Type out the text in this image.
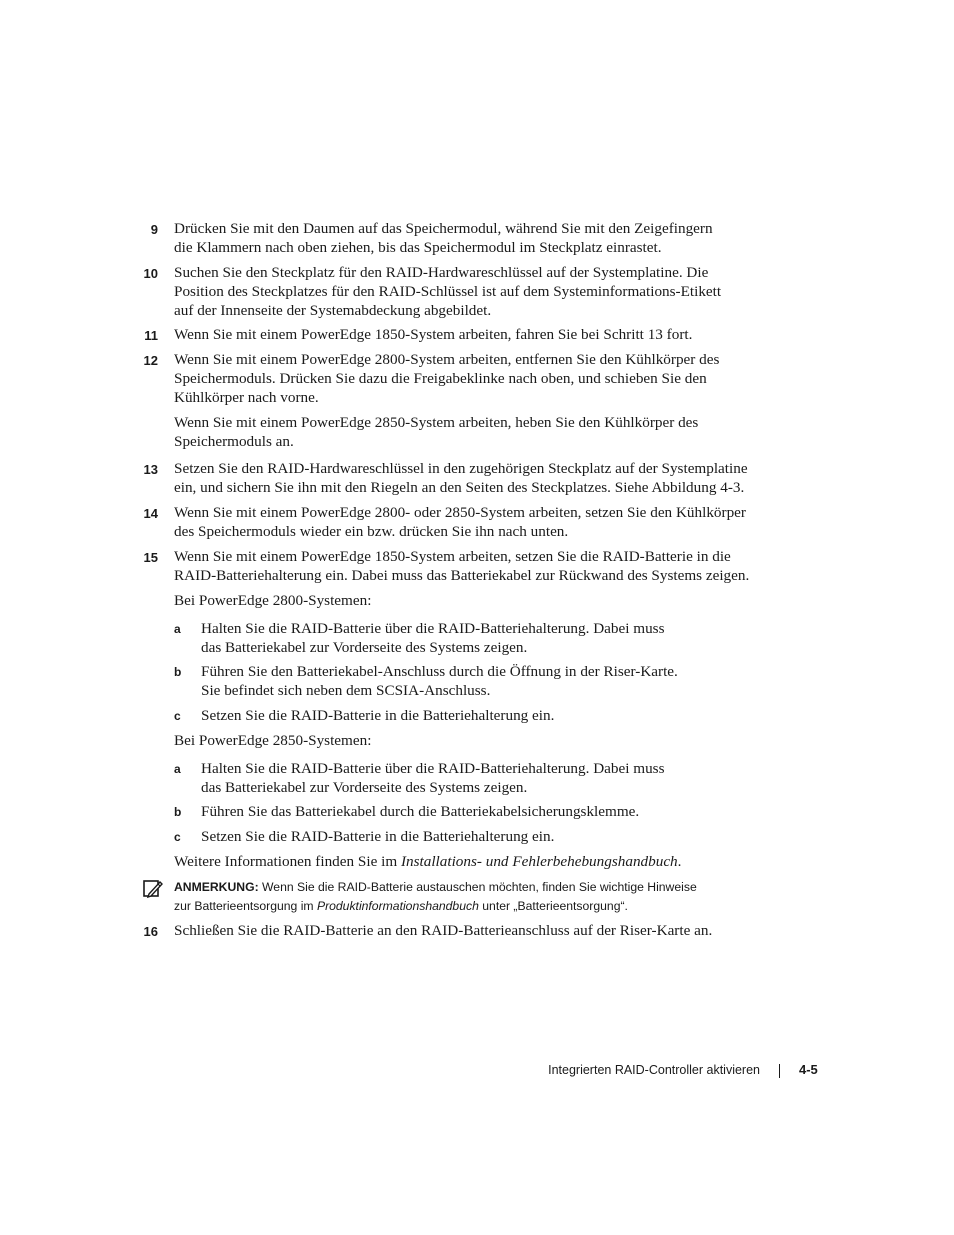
9 Drücken Sie mit den Daumen auf das Speichermodul, während Sie mit den Zeigefingern
die Klammern nach oben ziehen, bis das Speichermodul im Steckplatz einrastet.
10 Suchen Sie den Steckplatz für den RAID-Hardwareschlüssel auf der Systemplatine. Die
Position des Steckplatzes für den RAID-Schlüssel ist auf dem Systeminformations-Etikett
auf der Innenseite der Systemabdeckung abgebildet.
11 Wenn Sie mit einem PowerEdge 1850-System arbeiten, fahren Sie bei Schritt 13 fort.
12 Wenn Sie mit einem PowerEdge 2800-System arbeiten, entfernen Sie den Kühlkörper des
Speichermoduls. Drücken Sie dazu die Freigabeklinke nach oben, und schieben Sie den
Kühlkörper nach vorne.
Wenn Sie mit einem PowerEdge 2850-System arbeiten, heben Sie den Kühlkörper des
Speichermoduls an.
13 Setzen Sie den RAID-Hardwareschlüssel in den zugehörigen Steckplatz auf der Systemplatine
ein, und sichern Sie ihn mit den Riegeln an den Seiten des Steckplatzes. Siehe Abbildung 4-3.
14 Wenn Sie mit einem PowerEdge 2800- oder 2850-System arbeiten, setzen Sie den Kühlkörper
des Speichermoduls wieder ein bzw. drücken Sie ihn nach unten.
15 Wenn Sie mit einem PowerEdge 1850-System arbeiten, setzen Sie die RAID-Batterie in die
RAID-Batteriehalterung ein. Dabei muss das Batteriekabel zur Rückwand des Systems zeigen.
Bei PowerEdge 2800-Systemen:
a	Halten Sie die RAID-Batterie über die RAID-Batteriehalterung. Dabei muss
das Batteriekabel zur Vorderseite des Systems zeigen.
b	Führen Sie den Batteriekabel-Anschluss durch die Öffnung in der Riser-Karte.
Sie befindet sich neben dem SCSIA-Anschluss.
c	Setzen Sie die RAID-Batterie in die Batteriehalterung ein.
Bei PowerEdge 2850-Systemen:
a	Halten Sie die RAID-Batterie über die RAID-Batteriehalterung. Dabei muss
das Batteriekabel zur Vorderseite des Systems zeigen.
b	Führen Sie das Batteriekabel durch die Batteriekabelsicherungsklemme.
c	Setzen Sie die RAID-Batterie in die Batteriehalterung ein.
Weitere Informationen finden Sie im Installations- und Fehlerbehebungshandbuch.
ANMERKUNG: Wenn Sie die RAID-Batterie austauschen möchten, finden Sie wichtige Hinweise
zur Batterieentsorgung im Produktinformationshandbuch unter „Batterieentsorgung“.
16 Schließen Sie die RAID-Batterie an den RAID-Batterieanschluss auf der Riser-Karte an.
Integrierten RAID-Controller aktivieren	4-5
